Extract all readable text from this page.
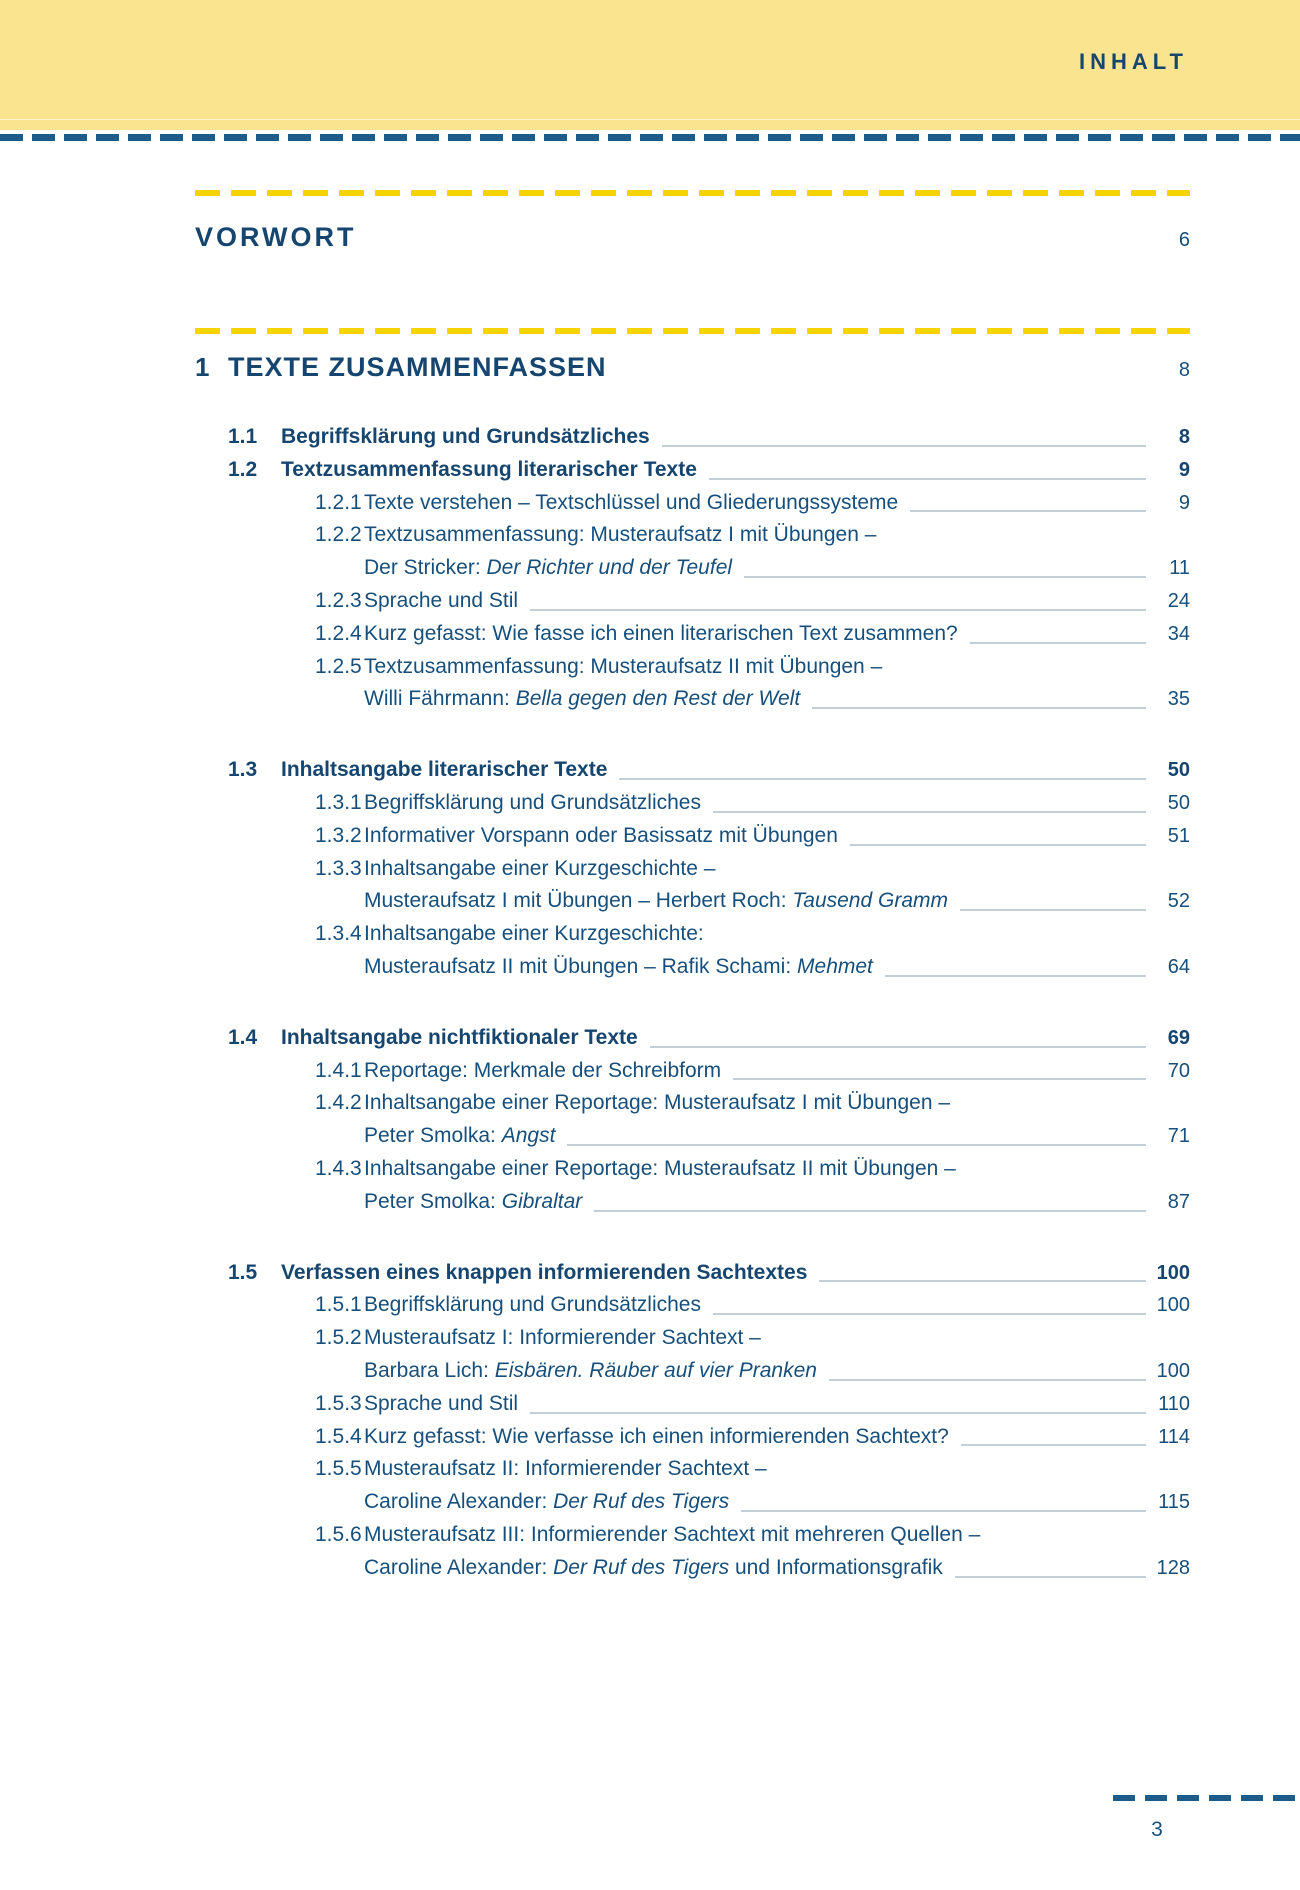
INHALT
VORWORT	6
1 TEXTE ZUSAMMENFASSEN	8
1.1 Begriffsklärung und Grundsätzliches	8
1.2 Textzusammenfassung literarischer Texte	9
1.2.1 Texte verstehen – Textschlüssel und Gliederungssysteme	9
1.2.2 Textzusammenfassung: Musteraufsatz I mit Übungen –
Der Stricker: Der Richter und der Teufel	11
1.2.3 Sprache und Stil	24
1.2.4 Kurz gefasst: Wie fasse ich einen literarischen Text zusammen?	34
1.2.5 Textzusammenfassung: Musteraufsatz II mit Übungen –
Willi Fährmann: Bella gegen den Rest der Welt	35
1.3 Inhaltsangabe literarischer Texte	50
1.3.1 Begriffsklärung und Grundsätzliches	50
1.3.2 Informativer Vorspann oder Basissatz mit Übungen	51
1.3.3 Inhaltsangabe einer Kurzgeschichte –
Musteraufsatz I mit Übungen – Herbert Roch: Tausend Gramm	52
1.3.4 Inhaltsangabe einer Kurzgeschichte:
Musteraufsatz II mit Übungen – Rafik Schami: Mehmet	64
1.4 Inhaltsangabe nichtfiktionaler Texte	69
1.4.1 Reportage: Merkmale der Schreibform	70
1.4.2 Inhaltsangabe einer Reportage: Musteraufsatz I mit Übungen –
Peter Smolka: Angst	71
1.4.3 Inhaltsangabe einer Reportage: Musteraufsatz II mit Übungen –
Peter Smolka: Gibraltar	87
1.5 Verfassen eines knappen informierenden Sachtextes	100
1.5.1 Begriffsklärung und Grundsätzliches	100
1.5.2 Musteraufsatz I: Informierender Sachtext –
Barbara Lich: Eisbären. Räuber auf vier Pranken	100
1.5.3 Sprache und Stil	110
1.5.4 Kurz gefasst: Wie verfasse ich einen informierenden Sachtext?	114
1.5.5 Musteraufsatz II: Informierender Sachtext –
Caroline Alexander: Der Ruf des Tigers	115
1.5.6 Musteraufsatz III: Informierender Sachtext mit mehreren Quellen –
Caroline Alexander: Der Ruf des Tigers und Informationsgrafik	128
3
